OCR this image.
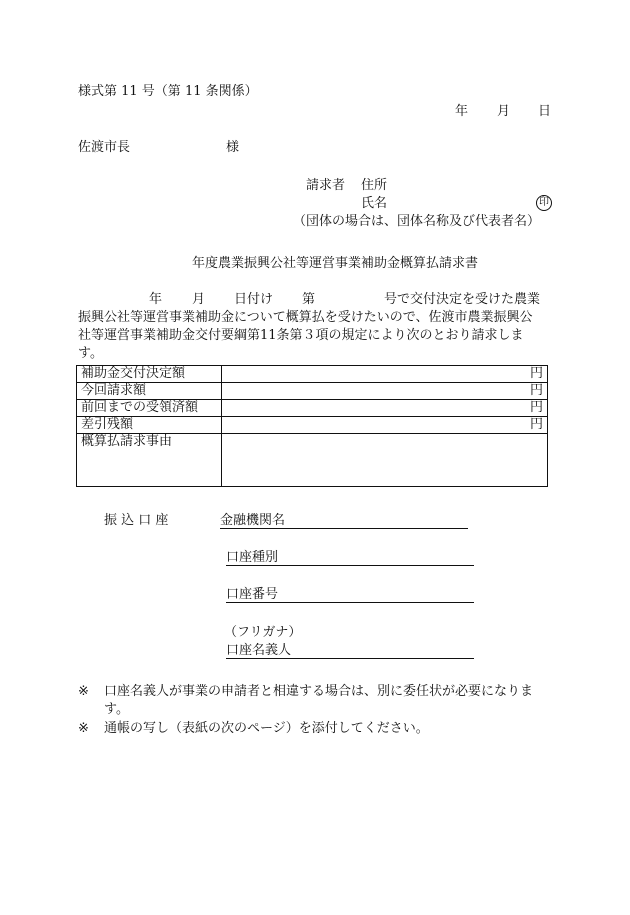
様式第 11 号（第 11 条関係）
年 月 日
佐渡市長	様
請求者 住所
氏名	印
（団体の場合は、団体名称及び代表者名）
年度農業振興公社等運営事業補助金概算払請求書
年 月 日付け 第	号で交付決定を受けた農業
振興公社等運営事業補助金について概算払を受けたいので、佐渡市農業振興公
社等運営事業補助金交付要綱第11条第３項の規定により次のとおり請求しま
す。
補助金交付決定額	円
今回請求額	円
前回までの受領済額	円
差引残額	円
概算払請求事由	
振 込 口 座	金融機関名
口座種別
口座番号
（フリガナ）
口座名義人
※ 口座名義人が事業の申請者と相違する場合は、別に委任状が必要になりま
す。
※ 通帳の写し（表紙の次のページ）を添付してください。
